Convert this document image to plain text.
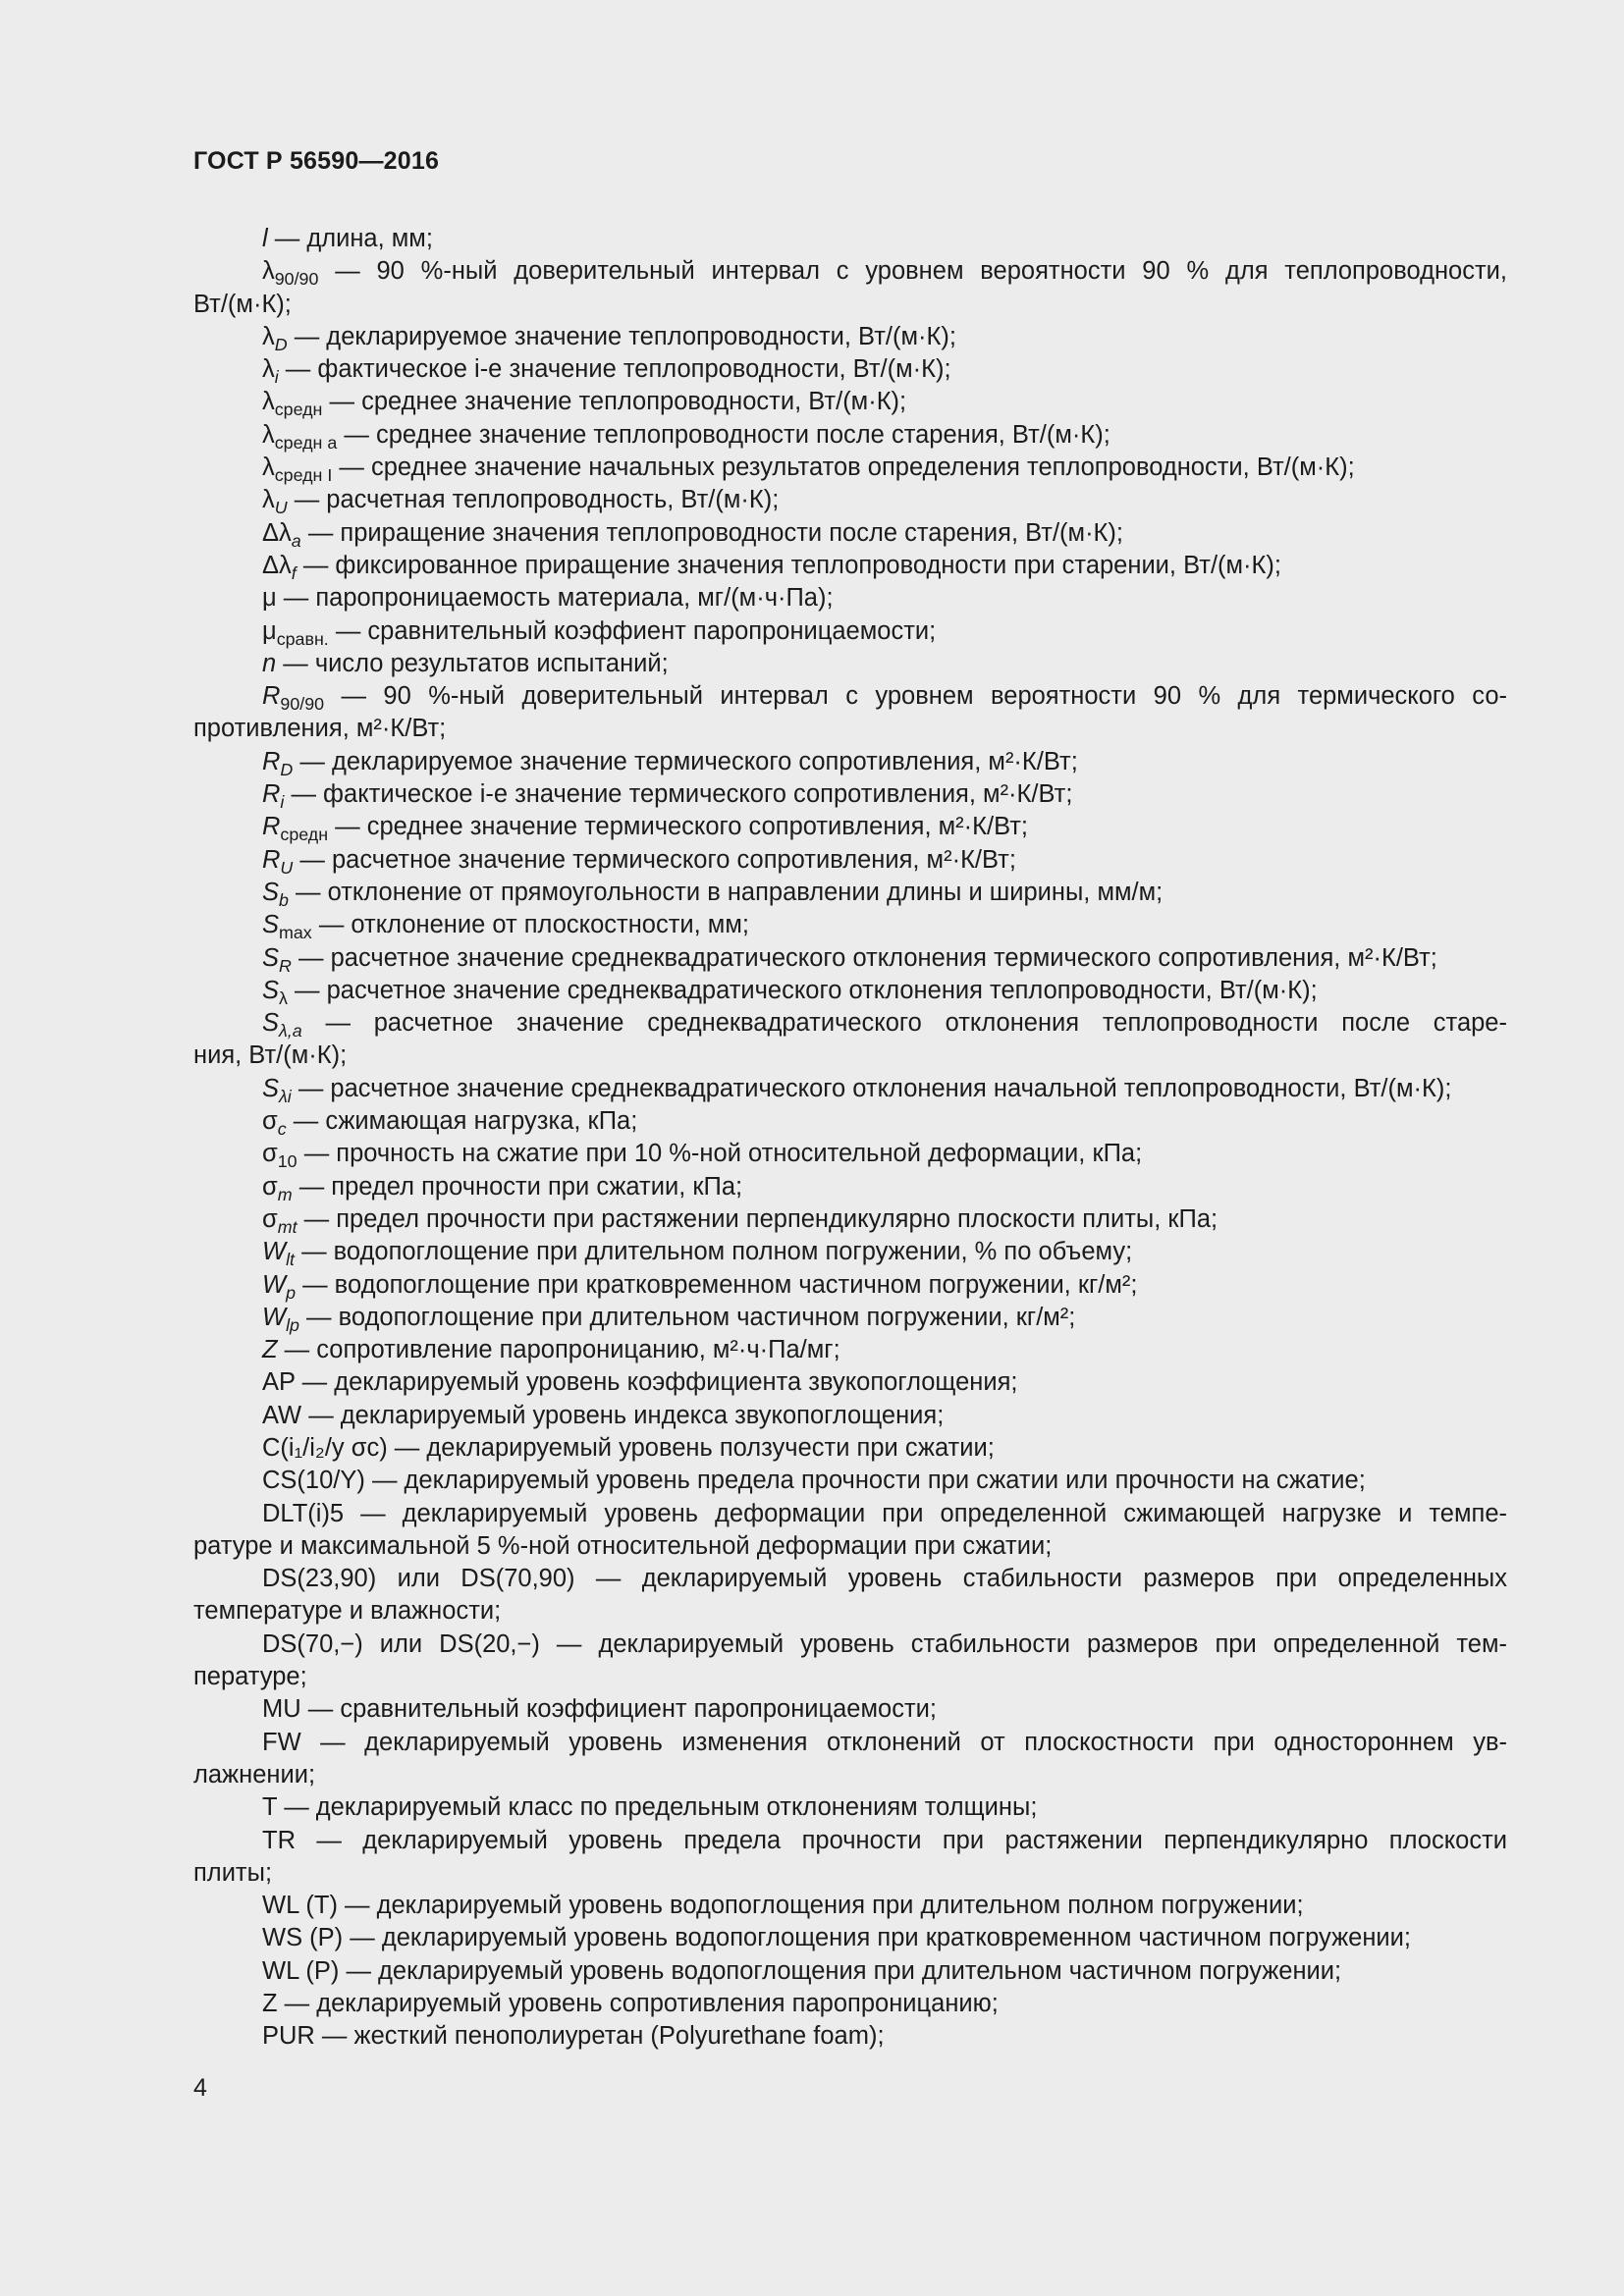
ГОСТ Р 56590—2016
l — длина, мм;
$\lambda_{90/90}$ — 90 %-ный доверительный интервал с уровнем вероятности 90 % для теплопроводности,
Вт/(м·К);
$\lambda_D$ — декларируемое значение теплопроводности, Вт/(м·К);
$\lambda_i$ — фактическое i-е значение теплопроводности, Вт/(м·К);
$\lambda_{средн}$ — среднее значение теплопроводности, Вт/(м·К);
$\lambda_{средн a}$ — среднее значение теплопроводности после старения, Вт/(м·К);
$\lambda_{средн I}$ — среднее значение начальных результатов определения теплопроводности, Вт/(м·К);
$\lambda_U$ — расчетная теплопроводность, Вт/(м·К);
$\Delta\lambda_a$ — приращение значения теплопроводности после старения, Вт/(м·К);
$\Delta\lambda_f$ — фиксированное приращение значения теплопроводности при старении, Вт/(м·К);
μ — паропроницаемость материала, мг/(м·ч·Па);
$\mu_{сравн.}$ — сравнительный коэффиент паропроницаемости;
n — число результатов испытаний;
$R_{90/90}$ — 90 %-ный доверительный интервал с уровнем вероятности 90 % для термического со-
противления, м²·К/Вт;
$R_D$ — декларируемое значение термического сопротивления, м²·К/Вт;
$R_i$ — фактическое i-е значение термического сопротивления, м²·К/Вт;
$R_{средн}$ — среднее значение термического сопротивления, м²·К/Вт;
$R_U$ — расчетное значение термического сопротивления, м²·К/Вт;
$S_b$ — отклонение от прямоугольности в направлении длины и ширины, мм/м;
$S_{max}$ — отклонение от плоскостности, мм;
$S_R$ — расчетное значение среднеквадратического отклонения термического сопротивления, м²·К/Вт;
$S_\lambda$ — расчетное значение среднеквадратического отклонения теплопроводности, Вт/(м·К);
$S_{\lambda,a}$ — расчетное значение среднеквадратического отклонения теплопроводности после старе-
ния, Вт/(м·К);
$S_{\lambda i}$ — расчетное значение среднеквадратического отклонения начальной теплопроводности, Вт/(м·К);
$\sigma_c$ — сжимающая нагрузка, кПа;
$\sigma_{10}$ — прочность на сжатие при 10 %-ной относительной деформации, кПа;
$\sigma_m$ — предел прочности при сжатии, кПа;
$\sigma_{mt}$ — предел прочности при растяжении перпендикулярно плоскости плиты, кПа;
$W_{lt}$ — водопоглощение при длительном полном погружении, % по объему;
$W_p$ — водопоглощение при кратковременном частичном погружении, кг/м²;
$W_{lp}$ — водопоглощение при длительном частичном погружении, кг/м²;
Z — сопротивление паропроницанию, м²·ч·Па/мг;
AP — декларируемый уровень коэффициента звукопоглощения;
AW — декларируемый уровень индекса звукопоглощения;
C(i₁/i₂/y σc) — декларируемый уровень ползучести при сжатии;
CS(10/Y) — декларируемый уровень предела прочности при сжатии или прочности на сжатие;
DLT(i)5 — декларируемый уровень деформации при определенной сжимающей нагрузке и темпе-
ратуре и максимальной 5 %-ной относительной деформации при сжатии;
DS(23,90) или DS(70,90) — декларируемый уровень стабильности размеров при определенных
температуре и влажности;
DS(70,−) или DS(20,−) — декларируемый уровень стабильности размеров при определенной тем-
пературе;
MU — сравнительный коэффициент паропроницаемости;
FW — декларируемый уровень изменения отклонений от плоскостности при одностороннем ув-
лажнении;
T — декларируемый класс по предельным отклонениям толщины;
TR — декларируемый уровень предела прочности при растяжении перпендикулярно плоскости
плиты;
WL (T) — декларируемый уровень водопоглощения при длительном полном погружении;
WS (P) — декларируемый уровень водопоглощения при кратковременном частичном погружении;
WL (P) — декларируемый уровень водопоглощения при длительном частичном погружении;
Z — декларируемый уровень сопротивления паропроницанию;
PUR — жесткий пенополиуретан (Polyurethane foam);
4
